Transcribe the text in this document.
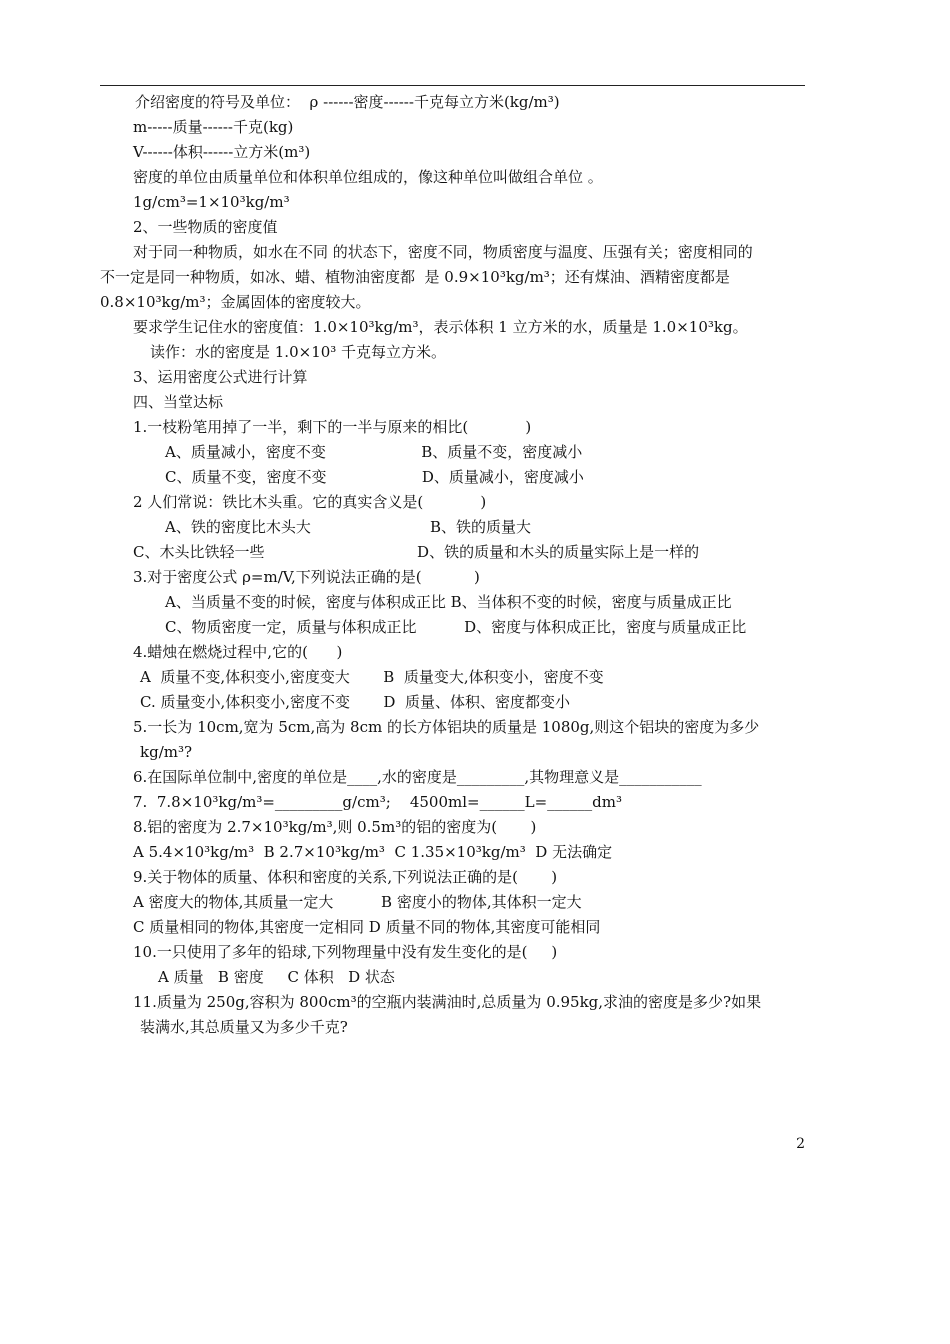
介绍密度的符号及单位：  ρ ------密度------千克每立方米(kg/m³)
m-----质量------千克(kg)
V------体积------立方米(m³)
密度的单位由质量单位和体积单位组成的，像这种单位叫做组合单位 。
1g/cm³=1×10³kg/m³
2、一些物质的密度值
对于同一种物质，如水在不同 的状态下，密度不同，物质密度与温度、压强有关；密度相同的
不一定是同一种物质，如冰、蜡、植物油密度都  是 0.9×10³kg/m³；还有煤油、酒精密度都是
0.8×10³kg/m³；金属固体的密度较大。
要求学生记住水的密度值：1.0×10³kg/m³，表示体积 1 立方米的水，质量是 1.0×10³kg。
读作：水的密度是 1.0×10³ 千克每立方米。
3、运用密度公式进行计算
四、当堂达标
1.一枝粉笔用掉了一半，剩下的一半与原来的相比(            )
A、质量减小，密度不变                    B、质量不变，密度减小
C、质量不变，密度不变                    D、质量减小，密度减小
2 人们常说：铁比木头重。它的真实含义是(            )
A、铁的密度比木头大                         B、铁的质量大
C、木头比铁轻一些                                D、铁的质量和木头的质量实际上是一样的
3.对于密度公式 ρ=m/V,下列说法正确的是(           )
A、当质量不变的时候，密度与体积成正比 B、当体积不变的时候，密度与质量成正比
C、物质密度一定，质量与体积成正比          D、密度与体积成正比，密度与质量成正比
4.蜡烛在燃烧过程中,它的(      )
A  质量不变,体积变小,密度变大       B  质量变大,体积变小，密度不变
C. 质量变小,体积变小,密度不变       D  质量、体积、密度都变小
5.一长为 10cm,宽为 5cm,高为 8cm 的长方体铝块的质量是 1080g,则这个铝块的密度为多少
kg/m³?
6.在国际单位制中,密度的单位是____,水的密度是_________,其物理意义是___________
7.  7.8×10³kg/m³=_________g/cm³;    4500ml=______L=______dm³
8.铝的密度为 2.7×10³kg/m³,则 0.5m³的铝的密度为(       )
A 5.4×10³kg/m³  B 2.7×10³kg/m³  C 1.35×10³kg/m³  D 无法确定
9.关于物体的质量、体积和密度的关系,下列说法正确的是(       )
A 密度大的物体,其质量一定大          B 密度小的物体,其体积一定大
C 质量相同的物体,其密度一定相同 D 质量不同的物体,其密度可能相同
10.一只使用了多年的铅球,下列物理量中没有发生变化的是(     )
A 质量   B 密度     C 体积   D 状态
11.质量为 250g,容积为 800cm³的空瓶内装满油时,总质量为 0.95kg,求油的密度是多少?如果
装满水,其总质量又为多少千克?
2
